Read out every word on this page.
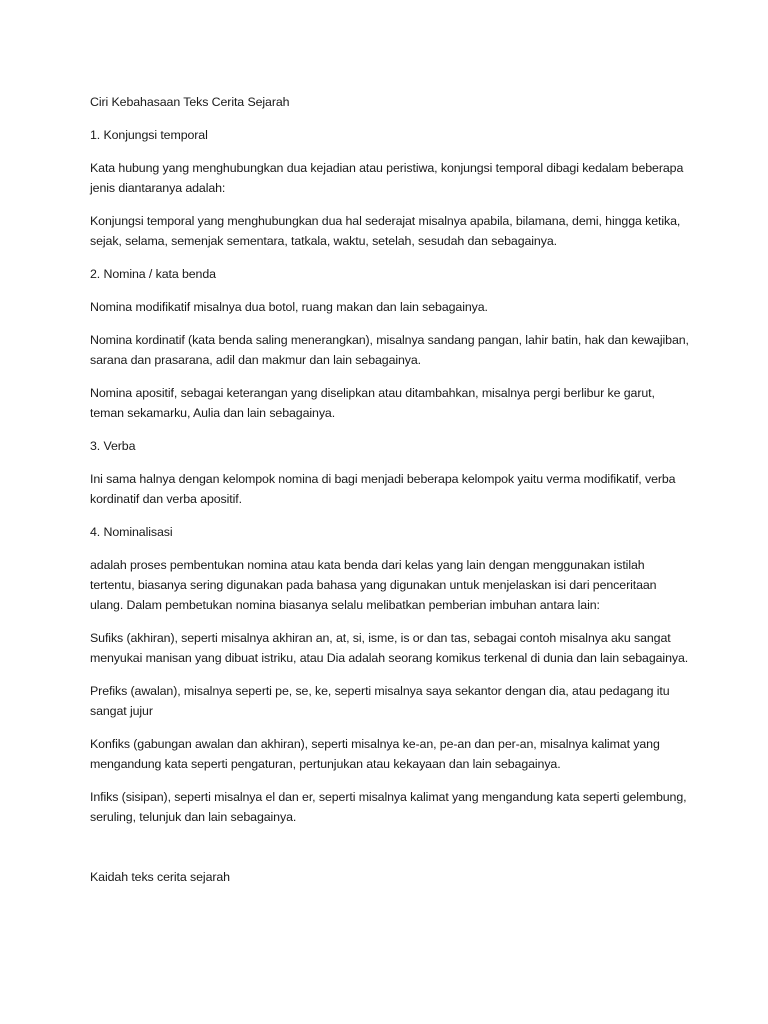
Ciri Kebahasaan Teks Cerita Sejarah

1. Konjungsi temporal

Kata hubung yang menghubungkan dua kejadian atau peristiwa, konjungsi temporal dibagi kedalam beberapa jenis diantaranya adalah:

Konjungsi temporal yang menghubungkan dua hal sederajat misalnya apabila, bilamana, demi, hingga ketika, sejak, selama, semenjak sementara, tatkala, waktu, setelah, sesudah dan sebagainya.

2. Nomina / kata benda

Nomina modifikatif misalnya dua botol, ruang makan dan lain sebagainya.

Nomina kordinatif (kata benda saling menerangkan), misalnya sandang pangan, lahir batin, hak dan kewajiban, sarana dan prasarana, adil dan makmur dan lain sebagainya.

Nomina apositif, sebagai keterangan yang diselipkan atau ditambahkan, misalnya pergi berlibur ke garut, teman sekamarku, Aulia dan lain sebagainya.

3. Verba

Ini sama halnya dengan kelompok nomina di bagi menjadi beberapa kelompok yaitu verma modifikatif, verba kordinatif dan verba apositif.

4. Nominalisasi

adalah proses pembentukan nomina atau kata benda dari kelas yang lain dengan menggunakan istilah tertentu, biasanya sering digunakan pada bahasa yang digunakan untuk menjelaskan isi dari penceritaan ulang. Dalam pembetukan nomina biasanya selalu melibatkan pemberian imbuhan antara lain:

Sufiks (akhiran), seperti misalnya akhiran an, at, si, isme, is or dan tas, sebagai contoh misalnya aku sangat menyukai manisan yang dibuat istriku, atau Dia adalah seorang komikus terkenal di dunia dan lain sebagainya.

Prefiks (awalan), misalnya seperti pe, se, ke, seperti misalnya saya sekantor dengan dia, atau pedagang itu sangat jujur

Konfiks (gabungan awalan dan akhiran), seperti misalnya ke-an, pe-an dan per-an, misalnya kalimat yang mengandung kata seperti pengaturan, pertunjukan atau kekayaan dan lain sebagainya.

Infiks (sisipan), seperti misalnya el dan er, seperti misalnya kalimat yang mengandung kata seperti gelembung, seruling, telunjuk dan lain sebagainya.

Kaidah teks cerita sejarah
